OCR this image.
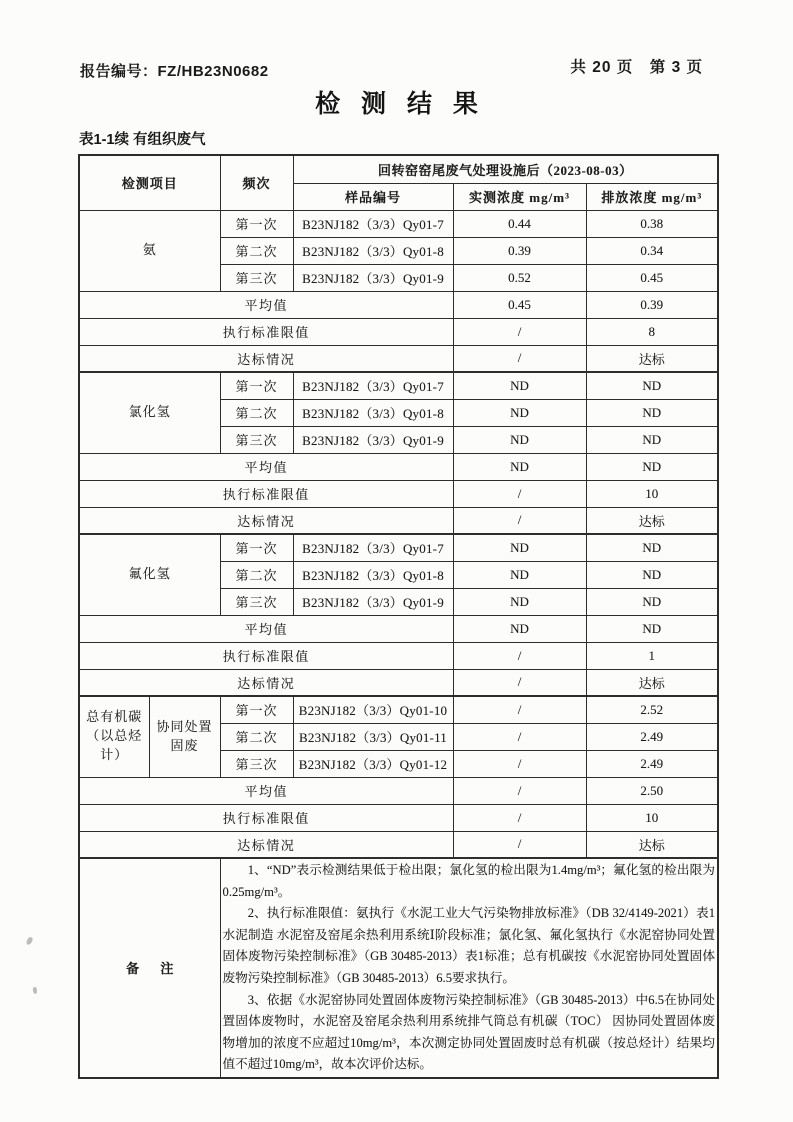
报告编号：FZ/HB23N0682	共 20 页　第 3 页
检 测 结 果
表1-1续 有组织废气
检测项目		频次	回转窑窑尾废气处理设施后（2023-08-03）		
			样品编号	实测浓度 mg/m³	排放浓度 mg/m³
氨		第一次	B23NJ182（3/3）Qy01-7	0.44	0.38
		第二次	B23NJ182（3/3）Qy01-8	0.39	0.34
		第三次	B23NJ182（3/3）Qy01-9	0.52	0.45
平均值				0.45	0.39
执行标准限值				/	8
达标情况				/	达标
氯化氢		第一次	B23NJ182（3/3）Qy01-7	ND	ND
		第二次	B23NJ182（3/3）Qy01-8	ND	ND
		第三次	B23NJ182（3/3）Qy01-9	ND	ND
平均值				ND	ND
执行标准限值				/	10
达标情况				/	达标
氟化氢		第一次	B23NJ182（3/3）Qy01-7	ND	ND
		第二次	B23NJ182（3/3）Qy01-8	ND	ND
		第三次	B23NJ182（3/3）Qy01-9	ND	ND
平均值				ND	ND
执行标准限值				/	1
达标情况				/	达标
总有机碳（以总烃计）	协同处置固废	第一次	B23NJ182（3/3）Qy01-10	/	2.52
		第二次	B23NJ182（3/3）Qy01-11	/	2.49
		第三次	B23NJ182（3/3）Qy01-12	/	2.49
平均值				/	2.50
执行标准限值				/	10
达标情况				/	达标
备 注		1、“ND”表示检测结果低于检出限；氯化氢的检出限为1.4mg/m³；氟化氢的检出限为0.25mg/m³。

2、执行标准限值：氨执行《水泥工业大气污染物排放标准》（DB 32/4149-2021）表1 水泥制造 水泥窑及窑尾余热利用系统Ⅰ阶段标准；氯化氢、氟化氢执行《水泥窑协同处置固体废物污染控制标准》（GB 30485-2013）表1标准；总有机碳按《水泥窑协同处置固体废物污染控制标准》（GB 30485-2013）6.5要求执行。

3、依据《水泥窑协同处置固体废物污染控制标准》（GB 30485-2013）中6.5在协同处置固体废物时，水泥窑及窑尾余热利用系统排气筒总有机碳（TOC） 因协同处置固体废物增加的浓度不应超过10mg/m³，本次测定协同处置固废时总有机碳（按总烃计）结果均值不超过10mg/m³，故本次评价达标。			
